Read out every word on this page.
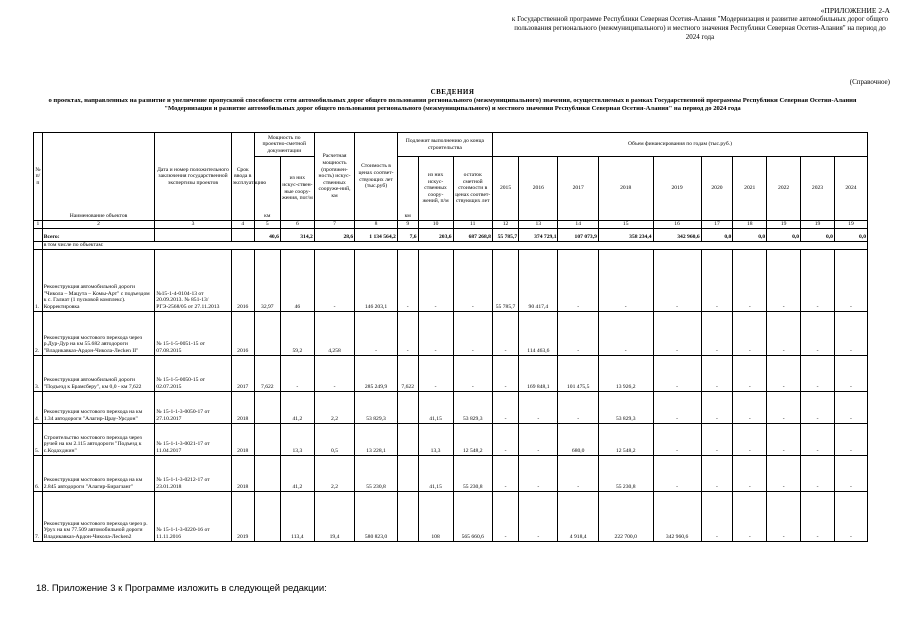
«ПРИЛОЖЕНИЕ 2-А
к Государственной программе Республики Северная Осетия-Алания "Модернизация и развитие автомобильных дорог общего пользования регионального (межмуниципального) и местного значения Республики Северная Осетия-Алания" на период до 2024 года
(Справочное)
СВЕДЕНИЯ
о проектах, направленных на развитие и увеличение пропускной способности сети автомобильных дорог общего пользования регионального (межмуниципального) значения, осуществляемых в рамках Государственной программы Республики Северная Осетия-Алания "Модернизация и развитие автомобильных дорог общего пользования регионального (межмуниципального) и местного значения Республики Северная Осетия-Алания" на период до 2024 года
№ п/п	Наименование объектов	Дата и номер положительного заключения государственной экспертизы проектов	Срок ввода в эксплуатацию	Мощность по проектно-сметной документации		Расчетная мощность (протяжен-ность) искус-ственных сооруже-ний, км	Стоимость в ценах соответ-ствующих лет (тыс.руб)	Подлежит выполнению до конца строительства			Объем финансирования по годам (тыс.руб.)									
				км	из них искус-ствен-ные соору-жения, пог/м			км	из них искус-ственных соору-жений, п/м	остаток сметной стоимости в ценах соответ-ствующих лет	2015	2016	2017	2018	2019	2020	2021	2022	2023	2024
1	2	3	4	5	6	7	8	9	10	11	12	13	14	15	16	17	18	19	19	19
	Всего:			40,6	314,2	28,6	1 134 564,2	7,6	203,6	687 268,8	55 785,7	374 729,1	107 073,9	358 234,4	342 960,6	0,0	0,0	0,0	0,0	0,0
	в том числе по объектам:																			
1.	Реконструкция автомобильной дороги "Чикола – Мацута – Комы-Арт" с подъездом к с. Галиат (1 пусковой комплекс). Корректировка	№15-1-4-0104-13 от 20.09.2013. № 851-13/РГЭ-2568/05 от 27.11.2013	2016	32,97	46	-	146 203,1	-	-	-	55 785,7	90 417,4	-	-	-	-	-	-	-	-
2.	Реконструкция мостового перехода через р.Дур-Дур на км 55.682 автодороги "Владикавказ-Ардон-Чикола-Лесken II"	№ 15-1-5-0051-15 от 07.08.2015	2016		59,2	4,258	-	-	-	-	-	114 463,6	-	-	-	-	-	-	-	-
3.	Реконструкция автомобильной дороги "Подъезд к Брамсберу", км 0,0 - км 7,622	№ 15-1-5-0050-15 от 02.07.2015	2017	7,622	-	-	285 249,9	7,622	-	-	-	169 848,1	101 475,5	13 926,2	-	-	-	-	-	-
4.	Реконструкция мостового перехода на км 1.34 автодороги "Алагир-Црау-Урсдон"	№ 15-1-1-3-0050-17 от 27.10.2017	2018		41,2	2,2	53 829,3		41,15	53 829,3	-	-	-	53 829,3	-	-	-	-	-	-
5.	Строительство мостового перехода через ручей на км 2.115 автодороги "Подъезд к с.Кодахджин"	№ 15-1-1-3-0021-17 от 11.04.2017	2018		13,3	0,5	13 228,1		13,3	12 548,2	-	-	680,0	12 548,2	-	-	-	-	-	-
6.	Реконструкция мостового перехода на км 2.845 автодороги "Алагир-Бирагзанг"	№ 15-1-1-3-0212-17 от 23.01.2018	2018		41,2	2,2	55 230,8		41,15	55 230,8	-	-	-	55 230,8	-	-	-	-	-	-
7.	Реконструкция мостового перехода через р. Урух на км 77.509 автомобильной дороги Владикавказ-Ардон-Чикола-Лесken2	№ 15-1-1-3-0220-16 от 11.11.2016	2019		113,4	19,4	580 823,0		108	565 660,6	-	-	4 918,4	222 700,0	342 960,6	-	-	-	-	-
18. Приложение 3 к Программе изложить в следующей редакции:
